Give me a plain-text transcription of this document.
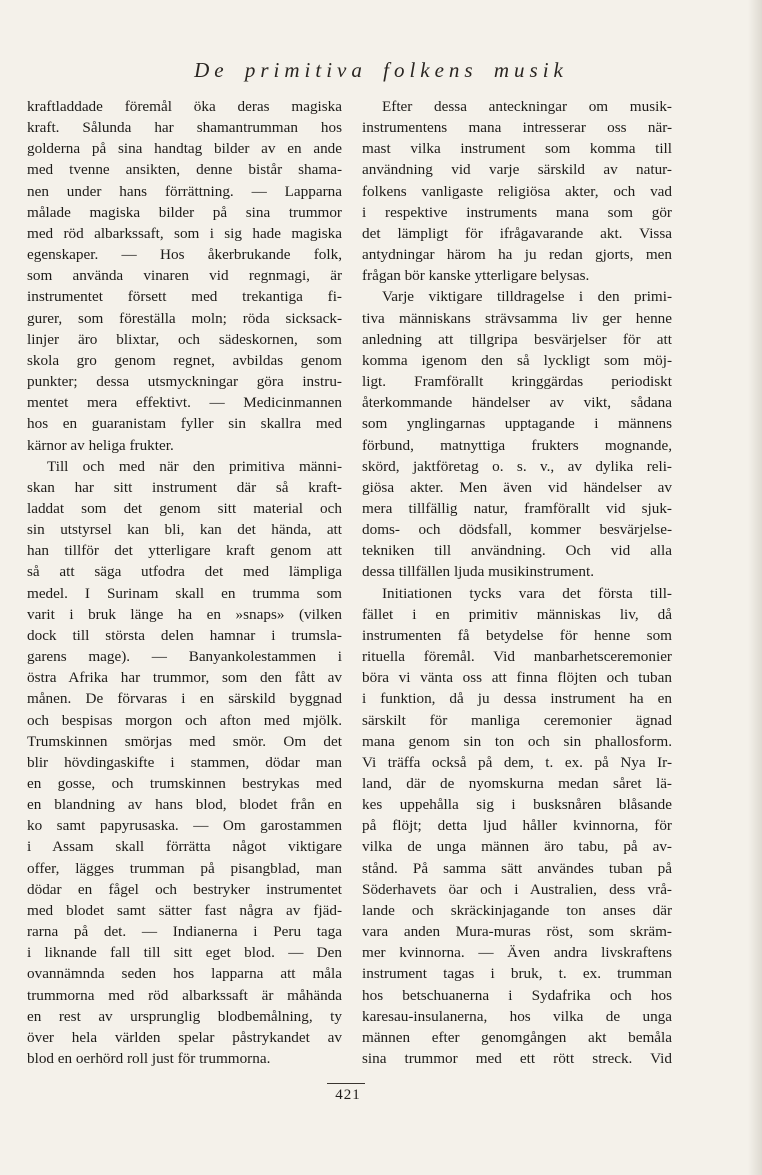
De primitiva folkens musik
kraftladdade föremål öka deras magiska
kraft. Sålunda har shamantrumman hos
golderna på sina handtag bilder av en ande
med tvenne ansikten, denne bistår shama-
nen under hans förrättning. — Lapparna
målade magiska bilder på sina trummor
med röd albarkssaft, som i sig hade magiska
egenskaper. — Hos åkerbrukande folk,
som använda vinaren vid regnmagi, är
instrumentet försett med trekantiga fi-
gurer, som föreställa moln; röda sicksack-
linjer äro blixtar, och sädeskornen, som
skola gro genom regnet, avbildas genom
punkter; dessa utsmyckningar göra instru-
mentet mera effektivt. — Medicinmannen
hos en guaranistam fyller sin skallra med
kärnor av heliga frukter.
Till och med när den primitiva männi-
skan har sitt instrument där så kraft-
laddat som det genom sitt material och
sin utstyrsel kan bli, kan det hända, att
han tillför det ytterligare kraft genom att
så att säga utfodra det med lämpliga
medel. I Surinam skall en trumma som
varit i bruk länge ha en »snaps» (vilken
dock till största delen hamnar i trumsla-
garens mage). — Banyankolestammen i
östra Afrika har trummor, som den fått av
månen. De förvaras i en särskild byggnad
och bespisas morgon och afton med mjölk.
Trumskinnen smörjas med smör. Om det
blir hövdingaskifte i stammen, dödar man
en gosse, och trumskinnen bestrykas med
en blandning av hans blod, blodet från en
ko samt papyrusaska. — Om garostammen
i Assam skall förrätta något viktigare
offer, lägges trumman på pisangblad, man
dödar en fågel och bestryker instrumentet
med blodet samt sätter fast några av fjäd-
rarna på det. — Indianerna i Peru taga
i liknande fall till sitt eget blod. — Den
ovannämnda seden hos lapparna att måla
trummorna med röd albarkssaft är måhända
en rest av ursprunglig blodbemålning, ty
över hela världen spelar påstrykandet av
blod en oerhörd roll just för trummorna.
Efter dessa anteckningar om musik-
instrumentens mana intresserar oss när-
mast vilka instrument som komma till
användning vid varje särskild av natur-
folkens vanligaste religiösa akter, och vad
i respektive instruments mana som gör
det lämpligt för ifrågavarande akt. Vissa
antydningar härom ha ju redan gjorts, men
frågan bör kanske ytterligare belysas.
Varje viktigare tilldragelse i den primi-
tiva människans strävsamma liv ger henne
anledning att tillgripa besvärjelser för att
komma igenom den så lyckligt som möj-
ligt. Framförallt kringgärdas periodiskt
återkommande händelser av vikt, sådana
som ynglingarnas upptagande i männens
förbund, matnyttiga frukters mognande,
skörd, jaktföretag o. s. v., av dylika reli-
giösa akter. Men även vid händelser av
mera tillfällig natur, framförallt vid sjuk-
doms- och dödsfall, kommer besvärjelse-
tekniken till användning. Och vid alla
dessa tillfällen ljuda musikinstrument.
Initiationen tycks vara det första till-
fället i en primitiv människas liv, då
instrumenten få betydelse för henne som
rituella föremål. Vid manbarhetsceremonier
böra vi vänta oss att finna flöjten och tuban
i funktion, då ju dessa instrument ha en
särskilt för manliga ceremonier ägnad
mana genom sin ton och sin phallosform.
Vi träffa också på dem, t. ex. på Nya Ir-
land, där de nyomskurna medan såret lä-
kes uppehålla sig i busksnåren blåsande
på flöjt; detta ljud håller kvinnorna, för
vilka de unga männen äro tabu, på av-
stånd. På samma sätt användes tuban på
Söderhavets öar och i Australien, dess vrå-
lande och skräckinjagande ton anses där
vara anden Mura-muras röst, som skräm-
mer kvinnorna. — Även andra livskraftens
instrument tagas i bruk, t. ex. trumman
hos betschuanerna i Sydafrika och hos
karesau-insulanerna, hos vilka de unga
männen efter genomgången akt bemåla
sina trummor med ett rött streck. Vid
421
